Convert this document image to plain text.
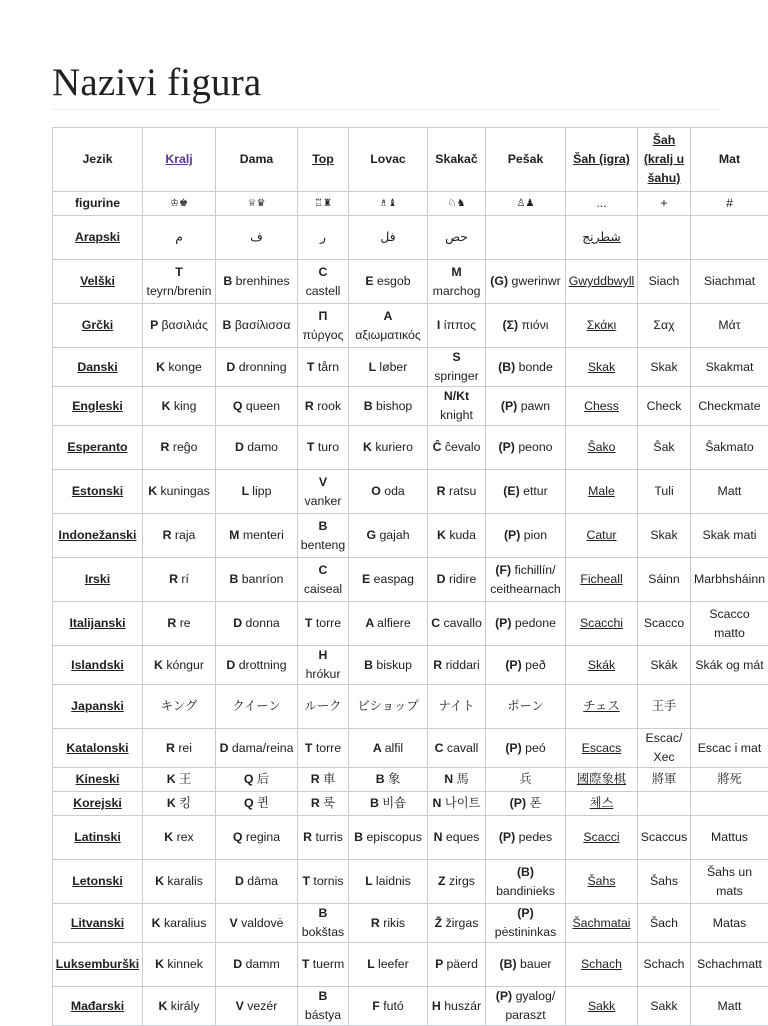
Nazivi figura
Jezik	Kralj	Dama	Top	Lovac	Skakač	Pešak	Šah (igra)	Šah (kralj u šahu)	Mat
figurine	♔♚	♕♛	♖♜	♗♝	♘♞	♙♟	...	+	#
Arapski	م	ف	ر	فل	حص		شطرنج		
Velški	Tteyrn/brenin	B brenhines	Ccastell	E esgob	Mmarchog	(G) gwerinwr	Gwyddbwyll	Siach	Siachmat
Grčki	P βασιλιάς	B βασίλισσα	Ππύργος	Ααξιωματικός	Ι ίππος	(Σ) πιόνι	Σκάκι	Σαχ	Μάτ
Danski	K konge	D dronning	T tårn	L løber	Sspringer	(B) bonde	Skak	Skak	Skakmat
Engleski	K king	Q queen	R rook	B bishop	N/Ktknight	(P) pawn	Chess	Check	Checkmate
Esperanto	R reĝo	D damo	T turo	K kuriero	Ĉ ĉevalo	(P) peono	Ŝako	Ŝak	Ŝakmato
Estonski	K kuningas	L lipp	Vvanker	O oda	R ratsu	(E) ettur	Male	Tuli	Matt
Indonežanski	R raja	M menteri	Bbenteng	G gajah	K kuda	(P) pion	Catur	Skak	Skak mati
Irski	R rí	B banríon	Ccaiseal	E easpag	D ridire	(F) fichillín/ ceithearnach	Ficheall	Sáinn	Marbhsháinn
Italijanski	R re	D donna	T torre	A alfiere	C cavallo	(P) pedone	Scacchi	Scacco	Scacco matto
Islandski	K kóngur	D drottning	Hhrókur	B biskup	R riddari	(P) peð	Skák	Skák	Skák og mát
Japanski	キング	クイーン	ルーク	ビショップ	ナイト	ポーン	チェス	王手	
Katalonski	R rei	D dama/reina	T torre	A alfil	C cavall	(P) peó	Escacs	Escac/ Xec	Escac i mat
Kineski	K 王	Q 后	R 車	B 象	N 馬	兵	國際象棋	將軍	將死
Korejski	K 킹	Q 퀸	R 룩	B 비숍	N 나이트	(P) 폰	체스		
Latinski	K rex	Q regina	R turris	B episcopus	N eques	(P) pedes	Scacci	Scaccus	Mattus
Letonski	K karalis	D dāma	T tornis	L laidnis	Z zirgs	(B)bandinieks	Šahs	Šahs	Šahs un mats
Litvanski	K karalius	V valdovė	Bbokštas	R rikis	Ž žirgas	(P)pėstininkas	Šachmatai	Šach	Matas
Luksemburški	K kinnek	D damm	T tuerm	L leefer	P päerd	(B) bauer	Schach	Schach	Schachmatt
Mađarski	K király	V vezér	Bbástya	F futó	H huszár	(P) gyalog/ paraszt	Sakk	Sakk	Matt
